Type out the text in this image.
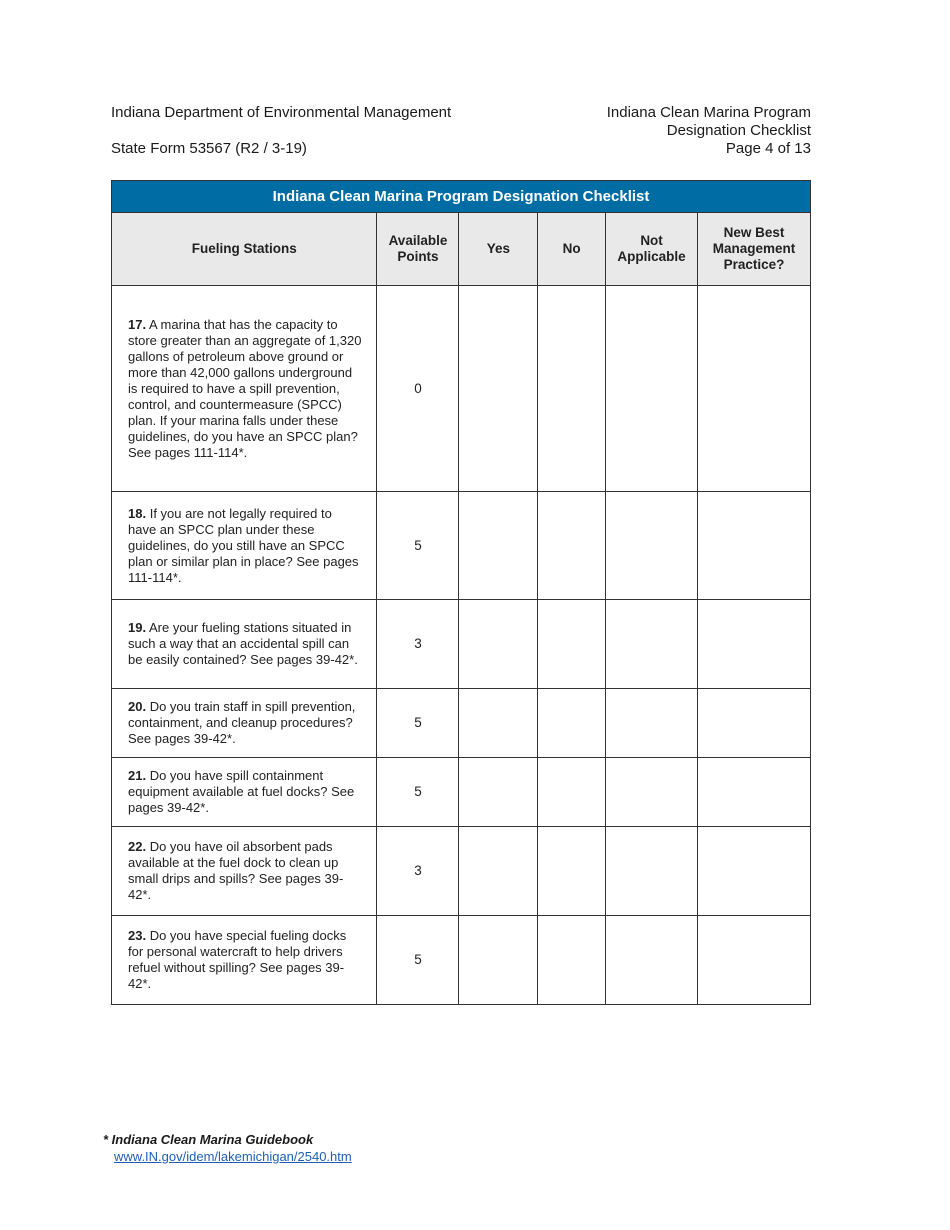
Indiana Department of Environmental Management
State Form 53567 (R2 / 3-19)
Indiana Clean Marina Program
Designation Checklist
Page 4 of 13
Indiana Clean Marina Program Designation Checklist					
Fueling Stations	Available Points	Yes	No	Not Applicable	New Best Management Practice?
17. A marina that has the capacity to store greater than an aggregate of 1,320 gallons of petroleum above ground or more than 42,000 gallons underground is required to have a spill prevention, control, and countermeasure (SPCC) plan. If your marina falls under these guidelines, do you have an SPCC plan? See pages 111-114*.	0				
18. If you are not legally required to have an SPCC plan under these guidelines, do you still have an SPCC plan or similar plan in place? See pages 111-114*.	5				
19. Are your fueling stations situated in such a way that an accidental spill can be easily contained? See pages 39-42*.	3				
20. Do you train staff in spill prevention, containment, and cleanup procedures? See pages 39-42*.	5				
21. Do you have spill containment equipment available at fuel docks? See pages 39-42*.	5				
22. Do you have oil absorbent pads available at the fuel dock to clean up small drips and spills? See pages 39-42*.	3				
23. Do you have special fueling docks for personal watercraft to help drivers refuel without spilling? See pages 39-42*.	5				
* Indiana Clean Marina Guidebook
www.IN.gov/idem/lakemichigan/2540.htm
